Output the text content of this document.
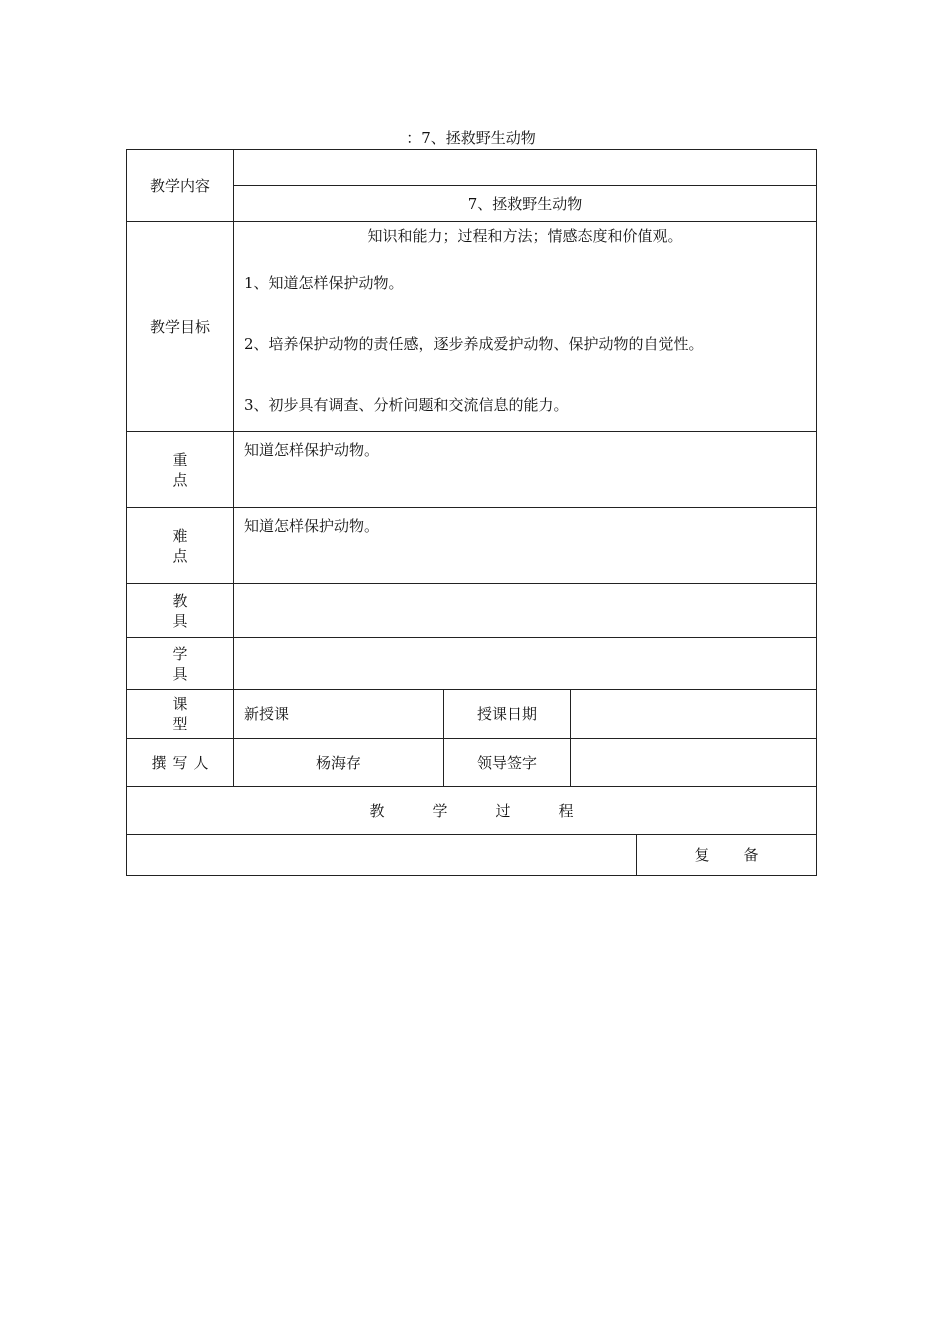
：7、拯救野生动物
教学内容				
	7、拯救野生动物			
教学目标	知识和能力；过程和方法；情感态度和价值观。

1、知道怎样保护动物。

2、培养保护动物的责任感，逐步养成爱护动物、保护动物的自觉性。

3、初步具有调查、分析问题和交流信息的能力。			

重　点	知道怎样保护动物。			
难　点	知道怎样保护动物。			
教　具				
学　具				
课　型	新授课	授课日期		
撰写人	杨海存	领导签字		
教学过程				
				复备
